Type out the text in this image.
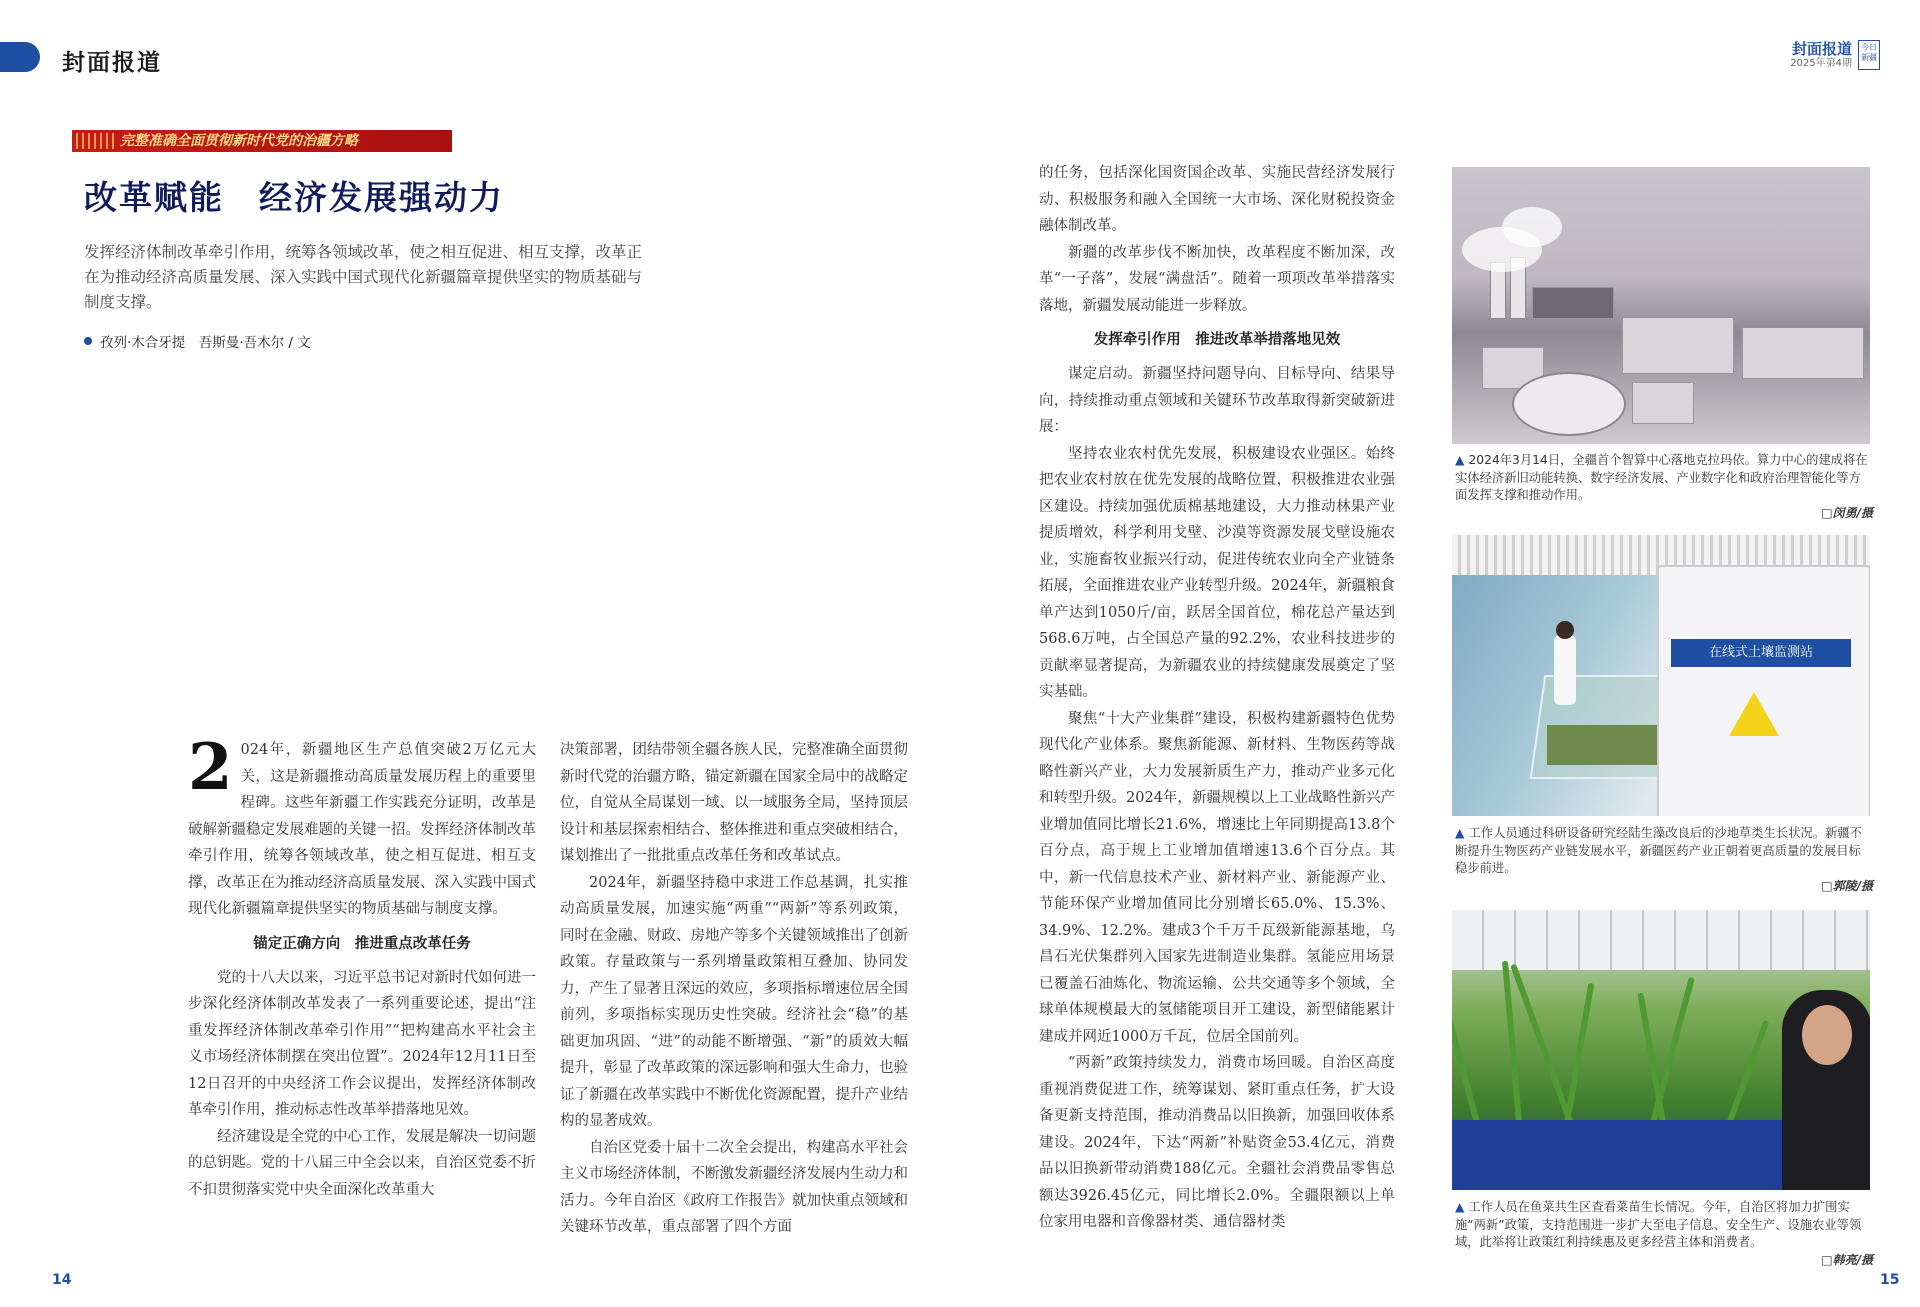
封面报道	封面报道
2025年第4期
今日新疆
完整准确全面贯彻新时代党的治疆方略
改革赋能　经济发展强动力
发挥经济体制改革牵引作用，统筹各领域改革，使之相互促进、相互支撑，改革正在为推动经济高质量发展、深入实践中国式现代化新疆篇章提供坚实的物质基础与制度支撑。
孜列·木合牙提　吾斯曼·吾木尔 / 文

2 024年，新疆地区生产总值突破2万亿元大关，这是新疆推动高质量发展历程上的重要里程碑。这些年新疆工作实践充分证明，改革是破解新疆稳定发展难题的关键一招。发挥经济体制改革牵引作用，统筹各领域改革，使之相互促进、相互支撑，改革正在为推动经济高质量发展、深入实践中国式现代化新疆篇章提供坚实的物质基础与制度支撑。

锚定正确方向　推进重点改革任务

党的十八大以来，习近平总书记对新时代如何进一步深化经济体制改革发表了一系列重要论述，提出“注重发挥经济体制改革牵引作用”“把构建高水平社会主义市场经济体制摆在突出位置”。2024年12月11日至12日召开的中央经济工作会议提出，发挥经济体制改革牵引作用，推动标志性改革举措落地见效。

经济建设是全党的中心工作，发展是解决一切问题的总钥匙。党的十八届三中全会以来，自治区党委不折不扣贯彻落实党中央全面深化改革重大

决策部署，团结带领全疆各族人民，完整准确全面贯彻新时代党的治疆方略，锚定新疆在国家全局中的战略定位，自觉从全局谋划一域、以一域服务全局，坚持顶层设计和基层探索相结合、整体推进和重点突破相结合，谋划推出了一批批重点改革任务和改革试点。

2024年，新疆坚持稳中求进工作总基调，扎实推动高质量发展，加速实施“两重”“两新”等系列政策，同时在金融、财政、房地产等多个关键领域推出了创新政策。存量政策与一系列增量政策相互叠加、协同发力，产生了显著且深远的效应，多项指标增速位居全国前列，多项指标实现历史性突破。经济社会“稳”的基础更加巩固、“进”的动能不断增强、“新”的质效大幅提升，彰显了改革政策的深远影响和强大生命力，也验证了新疆在改革实践中不断优化资源配置，提升产业结构的显著成效。

自治区党委十届十二次全会提出，构建高水平社会主义市场经济体制，不断激发新疆经济发展内生动力和活力。今年自治区《政府工作报告》就加快重点领域和关键环节改革，重点部署了四个方面

的任务，包括深化国资国企改革、实施民营经济发展行动、积极服务和融入全国统一大市场、深化财税投资金融体制改革。

新疆的改革步伐不断加快，改革程度不断加深，改革“一子落”，发展“满盘活”。随着一项项改革举措落实落地，新疆发展动能进一步释放。

发挥牵引作用　推进改革举措落地见效

谋定启动。新疆坚持问题导向、目标导向、结果导向，持续推动重点领域和关键环节改革取得新突破新进展：

坚持农业农村优先发展，积极建设农业强区。始终把农业农村放在优先发展的战略位置，积极推进农业强区建设。持续加强优质棉基地建设，大力推动林果产业提质增效，科学利用戈壁、沙漠等资源发展戈壁设施农业，实施畜牧业振兴行动，促进传统农业向全产业链条拓展，全面推进农业产业转型升级。2024年，新疆粮食单产达到1050斤/亩，跃居全国首位，棉花总产量达到568.6万吨，占全国总产量的92.2%，农业科技进步的贡献率显著提高，为新疆农业的持续健康发展奠定了坚实基础。

聚焦“十大产业集群”建设，积极构建新疆特色优势现代化产业体系。聚焦新能源、新材料、生物医药等战略性新兴产业，大力发展新质生产力，推动产业多元化和转型升级。2024年，新疆规模以上工业战略性新兴产业增加值同比增长21.6%，增速比上年同期提高13.8个百分点，高于规上工业增加值增速13.6个百分点。其中，新一代信息技术产业、新材料产业、新能源产业、节能环保产业增加值同比分别增长65.0%、15.3%、34.9%、12.2%。建成3个千万千瓦级新能源基地，乌昌石光伏集群列入国家先进制造业集群。氢能应用场景已覆盖石油炼化、物流运输、公共交通等多个领域，全球单体规模最大的氢储能项目开工建设，新型储能累计建成并网近1000万千瓦，位居全国前列。

“两新”政策持续发力，消费市场回暖。自治区高度重视消费促进工作，统筹谋划、紧盯重点任务，扩大设备更新支持范围，推动消费品以旧换新，加强回收体系建设。2024年，下达“两新”补贴资金53.4亿元，消费品以旧换新带动消费188亿元。全疆社会消费品零售总额达3926.45亿元，同比增长2.0%。全疆限额以上单位家用电器和音像器材类、通信器材类

▲ 2024年3月14日，全疆首个智算中心落地克拉玛依。算力中心的建成将在实体经济新旧动能转换、数字经济发展、产业数字化和政府治理智能化等方面发挥支撑和推动作用。
□闵勇/摄
在线式土壤监测站
▲ 工作人员通过科研设备研究经陆生藻改良后的沙地草类生长状况。新疆不断提升生物医药产业链发展水平，新疆医药产业正朝着更高质量的发展目标稳步前进。
□郭陵/摄
▲ 工作人员在鱼菜共生区查看菜苗生长情况。今年，自治区将加力扩围实施“两新”政策，支持范围进一步扩大至电子信息、安全生产、设施农业等领域，此举将让政策红利持续惠及更多经营主体和消费者。
□韩亮/摄
14	15
